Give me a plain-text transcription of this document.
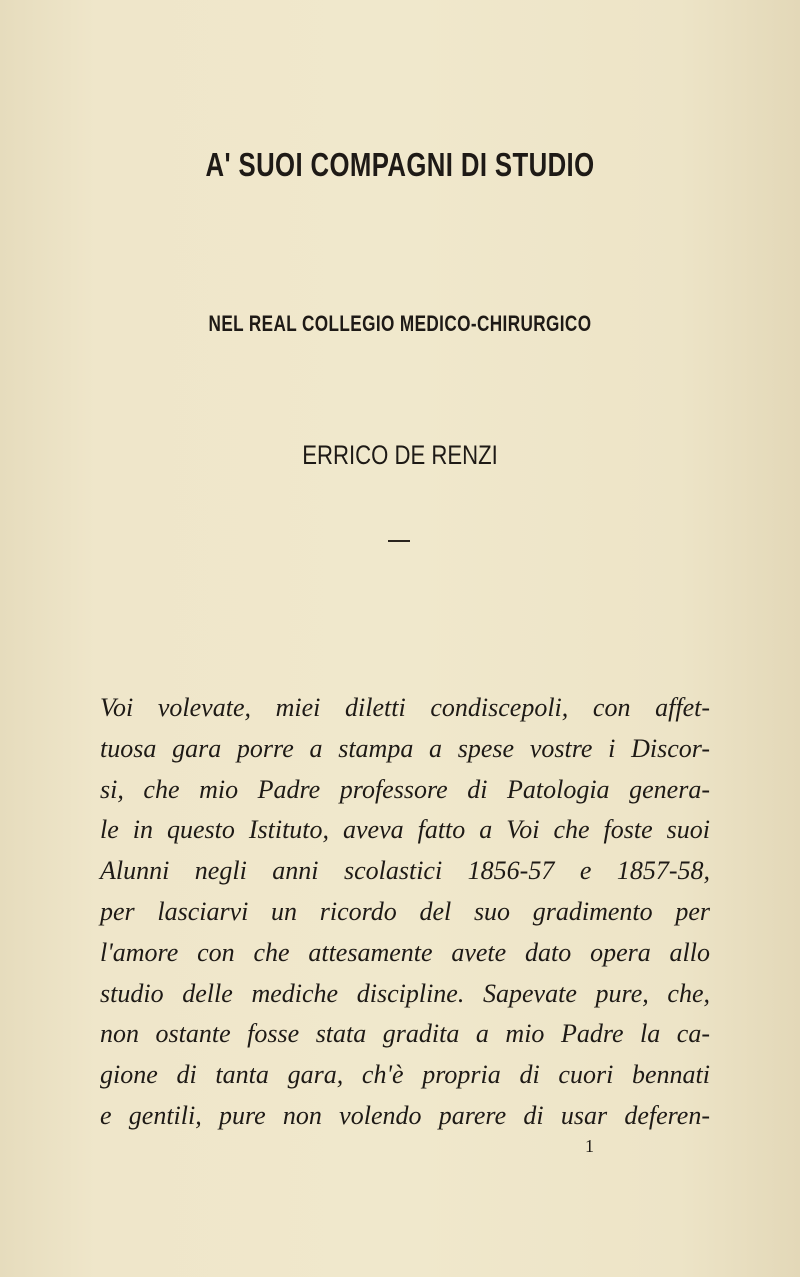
A' SUOI COMPAGNI DI STUDIO
NEL REAL COLLEGIO MEDICO-CHIRURGICO
ERRICO DE RENZI
Voi volevate, miei diletti condiscepoli, con affet-
tuosa gara porre a stampa a spese vostre i Discor-
si, che mio Padre professore di Patologia genera-
le in questo Istituto, aveva fatto a Voi che foste suoi
Alunni negli anni scolastici 1856-57 e 1857-58,
per lasciarvi un ricordo del suo gradimento per
l'amore con che attesamente avete dato opera allo
studio delle mediche discipline. Sapevate pure, che,
non ostante fosse stata gradita a mio Padre la ca-
gione di tanta gara, ch'è propria di cuori bennati
e gentili, pure non volendo parere di usar deferen-
1
